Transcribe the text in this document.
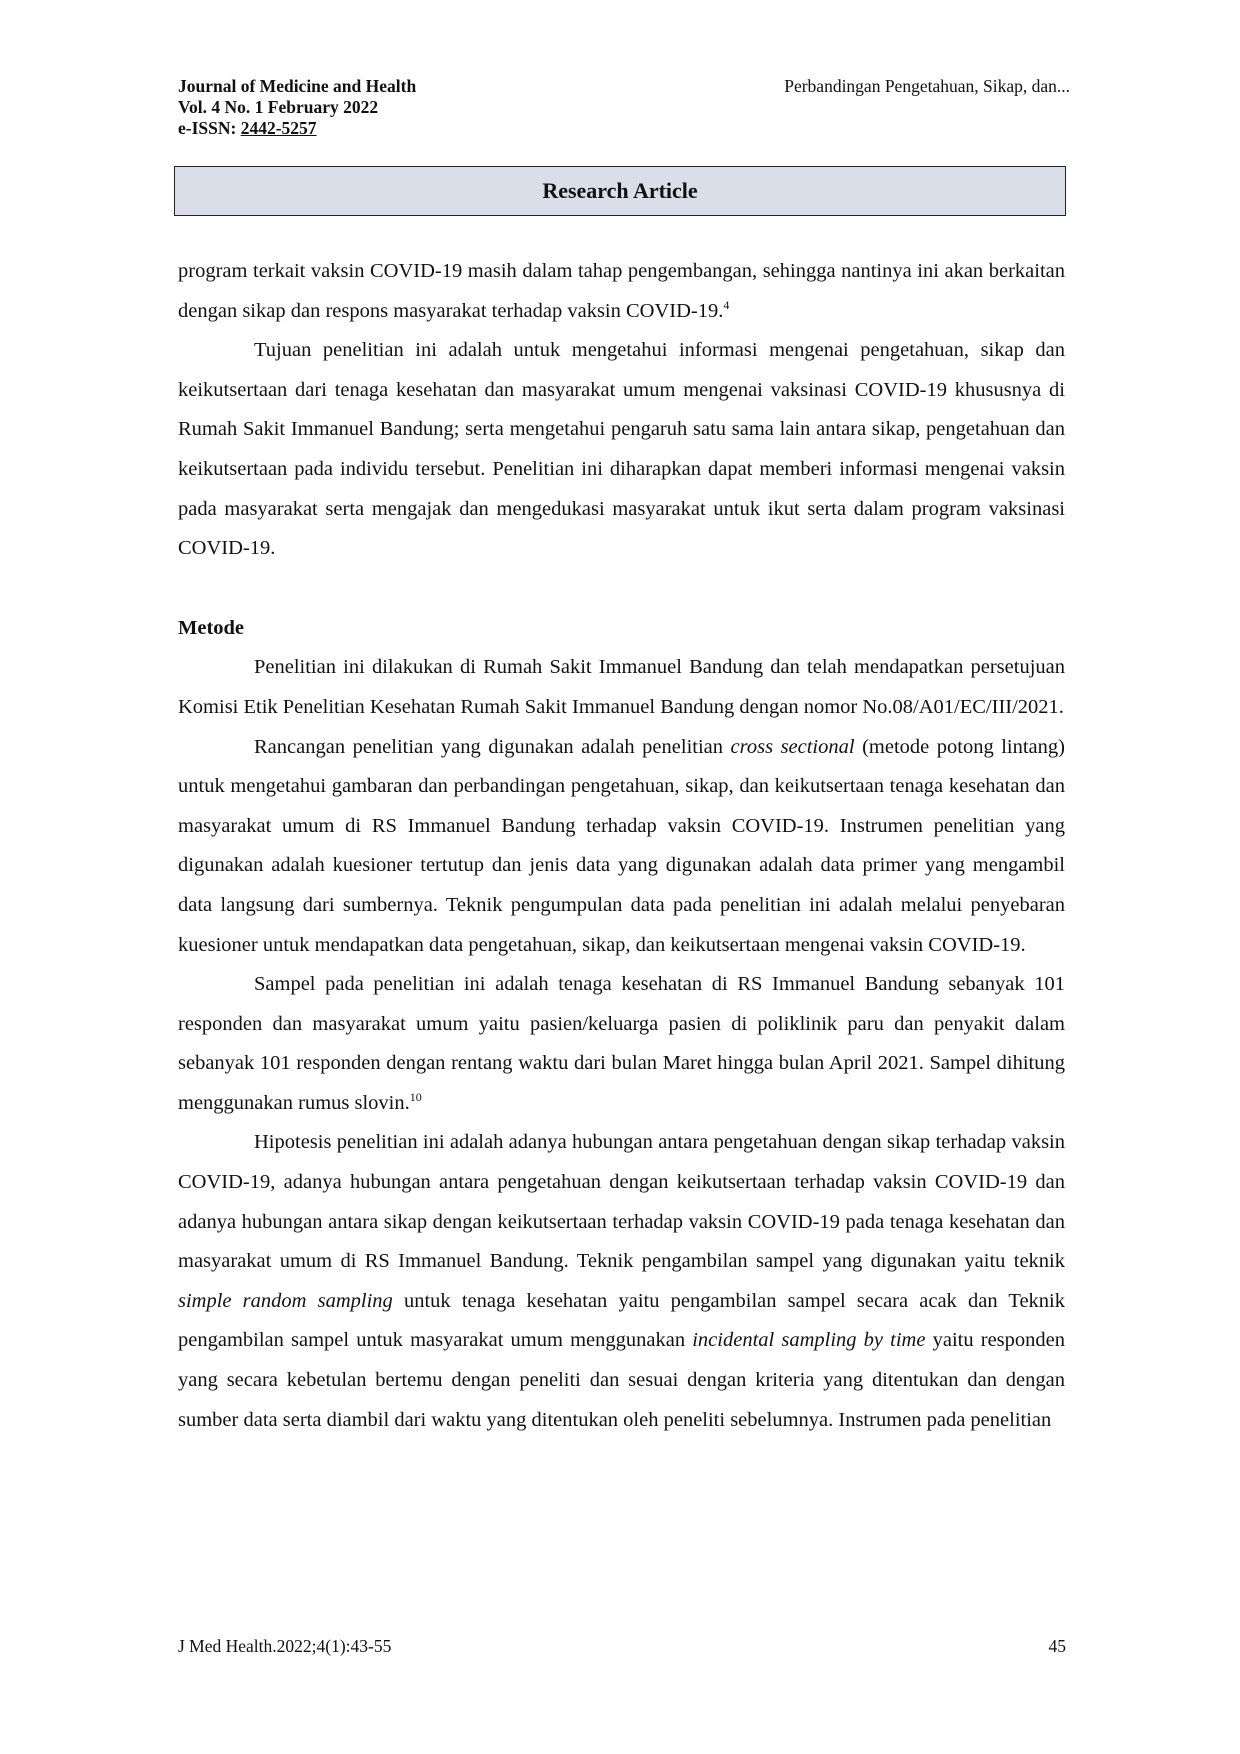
Journal of Medicine and Health
Vol. 4 No. 1 February 2022
e-ISSN: 2442-5257
Perbandingan Pengetahuan, Sikap, dan...
Research Article

program terkait vaksin COVID-19 masih dalam tahap pengembangan, sehingga nantinya ini akan berkaitan dengan sikap dan respons masyarakat terhadap vaksin COVID-19.$^4$

Tujuan penelitian ini adalah untuk mengetahui informasi mengenai pengetahuan, sikap dan keikutsertaan dari tenaga kesehatan dan masyarakat umum mengenai vaksinasi COVID-19 khususnya di Rumah Sakit Immanuel Bandung; serta mengetahui pengaruh satu sama lain antara sikap, pengetahuan dan keikutsertaan pada individu tersebut. Penelitian ini diharapkan dapat memberi informasi mengenai vaksin pada masyarakat serta mengajak dan mengedukasi masyarakat untuk ikut serta dalam program vaksinasi COVID-19.

Metode

Penelitian ini dilakukan di Rumah Sakit Immanuel Bandung dan telah mendapatkan persetujuan Komisi Etik Penelitian Kesehatan Rumah Sakit Immanuel Bandung dengan nomor No.08/A01/EC/III/2021.

Rancangan penelitian yang digunakan adalah penelitian cross sectional (metode potong lintang) untuk mengetahui gambaran dan perbandingan pengetahuan, sikap, dan keikutsertaan tenaga kesehatan dan masyarakat umum di RS Immanuel Bandung terhadap vaksin COVID-19. Instrumen penelitian yang digunakan adalah kuesioner tertutup dan jenis data yang digunakan adalah data primer yang mengambil data langsung dari sumbernya. Teknik pengumpulan data pada penelitian ini adalah melalui penyebaran kuesioner untuk mendapatkan data pengetahuan, sikap, dan keikutsertaan mengenai vaksin COVID-19.

Sampel pada penelitian ini adalah tenaga kesehatan di RS Immanuel Bandung sebanyak 101 responden dan masyarakat umum yaitu pasien/keluarga pasien di poliklinik paru dan penyakit dalam sebanyak 101 responden dengan rentang waktu dari bulan Maret hingga bulan April 2021. Sampel dihitung menggunakan rumus slovin.$^{10}$

Hipotesis penelitian ini adalah adanya hubungan antara pengetahuan dengan sikap terhadap vaksin COVID-19, adanya hubungan antara pengetahuan dengan keikutsertaan terhadap vaksin COVID-19 dan adanya hubungan antara sikap dengan keikutsertaan terhadap vaksin COVID-19 pada tenaga kesehatan dan masyarakat umum di RS Immanuel Bandung. Teknik pengambilan sampel yang digunakan yaitu teknik simple random sampling untuk tenaga kesehatan yaitu pengambilan sampel secara acak dan Teknik pengambilan sampel untuk masyarakat umum menggunakan incidental sampling by time yaitu responden yang secara kebetulan bertemu dengan peneliti dan sesuai dengan kriteria yang ditentukan dan dengan sumber data serta diambil dari waktu yang ditentukan oleh peneliti sebelumnya. Instrumen pada penelitian

J Med Health.2022;4(1):43-55	45
